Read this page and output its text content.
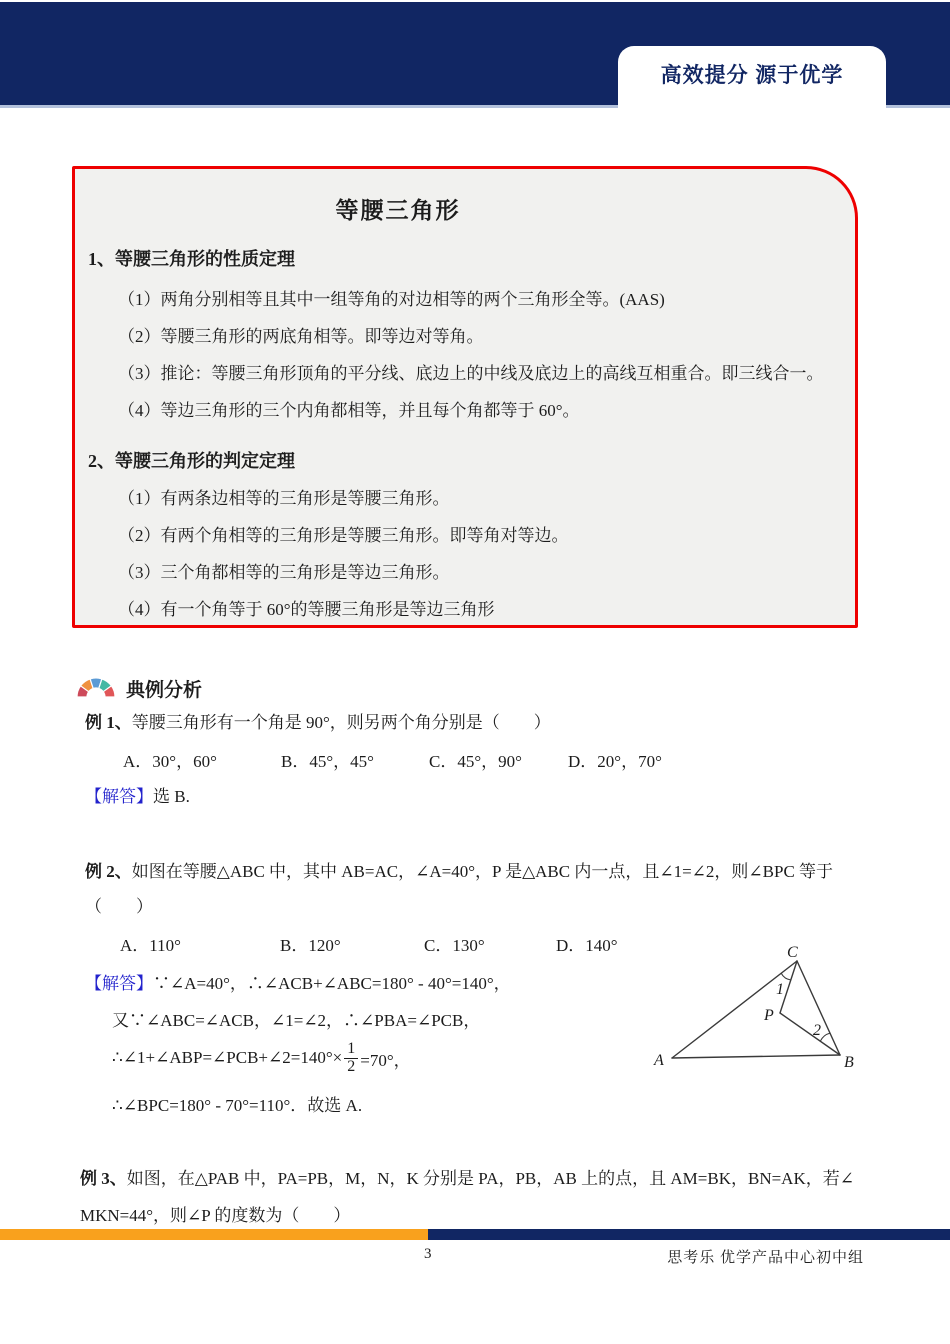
高效提分 源于优学
等腰三角形
1、等腰三角形的性质定理
（1）两角分别相等且其中一组等角的对边相等的两个三角形全等。(AAS)
（2）等腰三角形的两底角相等。即等边对等角。
（3）推论：等腰三角形顶角的平分线、底边上的中线及底边上的高线互相重合。即三线合一。
（4）等边三角形的三个内角都相等，并且每个角都等于 60°。
2、等腰三角形的判定定理
（1）有两条边相等的三角形是等腰三角形。
（2）有两个角相等的三角形是等腰三角形。即等角对等边。
（3）三个角都相等的三角形是等边三角形。
（4）有一个角等于 60°的等腰三角形是等边三角形
典例分析
例 1、等腰三角形有一个角是 90°，则另两个角分别是（　　）
A．30°，60°	B．45°，45°	C．45°，90°	D．20°，70°
【解答】选 B.
例 2、如图在等腰△ABC 中，其中 AB=AC，∠A=40°，P 是△ABC 内一点，且∠1=∠2，则∠BPC 等于
（　　）
A．110°	B．120°	C．130°	D．140°
【解答】∵∠A=40°，∴∠ACB+∠ABC=180° - 40°=140°，
又∵∠ABC=∠ACB，∠1=∠2，∴∠PBA=∠PCB，
∴∠1+∠ABP=∠PCB+∠2=140°× $\frac{1}{2} =70^\circ$，
∴∠BPC=180° - 70°=110°．故选 A.
C
A	B
P
1
2
例 3、如图，在△PAB 中，PA=PB，M，N，K 分别是 PA，PB，AB 上的点，且 AM=BK，BN=AK，若∠
MKN=44°，则∠P 的度数为（　　）
3	思考乐 优学产品中心初中组
